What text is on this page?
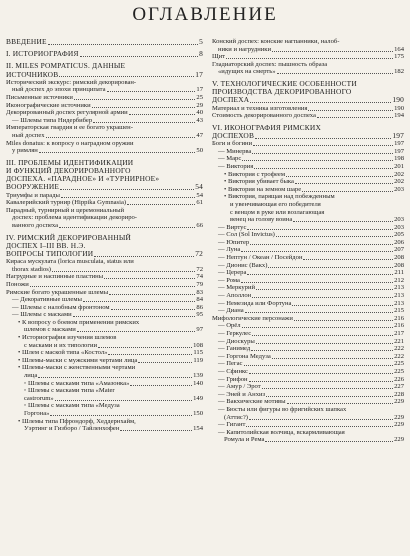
ОГЛАВЛЕНИЕ
ВВЕДЕНИЕ	5
I. ИСТОРИОГРАФИЯ	8
II. MILES POMPATICUS. ДАННЫЕ
ИСТОЧНИКОВ	17
Исторический экскурс: римский декорирован-
ный доспех до эпохи принципата	17
Письменные источники	25
Иконографические источники	29
Декорированный доспех регулярной армии	40
— Шлемы типа Нидербибер	43
Императорская гвардия и ее богато украшен-
ный доспех	47
Miles donatus: к вопросу о наградном оружии
у римлян	50
III. ПРОБЛЕМЫ ИДЕНТИФИКАЦИИ
И ФУНКЦИЙ ДЕКОРИРОВАННОГО
ДОСПЕХА. «ПАРАДНОЕ» И «ТУРНИРНОЕ»
ВООРУЖЕНИЕ	54
Триумфы и парады	54
Кавалерийский турнир (Hippika Gymnasia)	61
Парадный, турнирный и церемониальный
доспех: проблема идентификации декориро-
ванного доспеха	66
IV. РИМСКИЙ ДЕКОРИРОВАННЫЙ
ДОСПЕХ I–III ВВ. Н.Э.
ВОПРОСЫ ТИПОЛОГИИ	72
Кираса мускулата (lorica musculata, status или
thorax stadios)	72
Нагрудные и наспинные пластины	74
Поножи	79
Римские богато украшенные шлемы	83
— Декоративные шлемы	84
— Шлемы с налобным фронтоном	86
— Шлемы с масками	95
• К вопросу о боевом применении римских
шлемов с масками	97
• Историография изучения шлемов
с масками и их типологии	108
• Шлем с маской типа «Костол»	115
• Шлемы-маски с мужскими чертами лица	119
• Шлемы-маски с женственными чертами
лица	139
◦ Шлемы с масками типа «Амазонка»	140
◦ Шлемы с масками типа «Mater
castrorum»	149
◦ Шлемы с масками типа «Медуза
Горгона»	150
• Шлемы типа Пфрондорф, Хеддернхайм,
Уэртинг и Гизборо / Тайленхофен	154
Конский доспех: конские нагпанники, налоб-
ники и нагрудники	164
Щит	175
Гладиаторский доспех: пышность образа
«идущих на смерть»	182
V. ТЕХНОЛОГИЧЕСКИЕ ОСОБЕННОСТИ
ПРОИЗВОДСТВА ДЕКОРИРОВАННОГО
ДОСПЕХА	190
Материал и техника изготовления	190
Стоимость декорированного доспеха	194
VI. ИКОНОГРАФИЯ РИМСКИХ
ДОСПЕХОВ	197
Боги и богини	197
— Минерва	197
— Марс	198
— Виктория	201
• Виктория с трофеем	202
• Виктория убивает быка	202
• Виктория на земном шаре	203
• Виктория, парящая над побежденным
и увенчивающая его победителя
с венцом в руке или возлагающая
венец на голову воина	203
— Виртус	203
— Сол (Sol Invictus)	205
— Юпитер	206
— Луна	207
— Нептун / Океан / Посейдон	208
— Дионис (Вакх)	208
— Церера	211
— Рома	212
— Меркурий	213
— Аполлон	213
— Немезида или Фортуна	213
— Диана	215
Мифологические персонажи	216
— Орёл	216
— Геркулес	217
— Диоскуры	221
— Ганимед	222
— Горгона Медуза	222
— Пегас	225
— Сфинкс	225
— Грифон	226
— Амур / Эрот	227
— Эней и Анхиз	228
— Вакхические мотивы	229
— Бюсты или фигуры во фригийских шапках
(Аттис?)	229
— Гигант	229
— Капитолийская волчица, вскармливающая
Ромула и Рема	229
